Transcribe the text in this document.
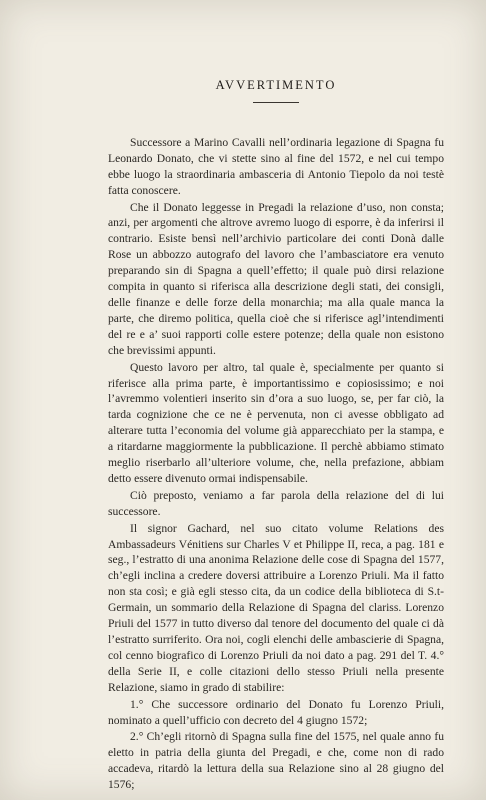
AVVERTIMENTO

Successore a Marino Cavalli nell’ordinaria legazione di Spagna fu Leonardo Donato, che vi stette sino al fine del 1572, e nel cui tempo ebbe luogo la straordinaria ambasceria di Antonio Tiepolo da noi testè fatta conoscere.

Che il Donato leggesse in Pregadi la relazione d’uso, non consta; anzi, per argomenti che altrove avremo luogo di esporre, è da inferirsi il contrario. Esiste bensì nell’archivio particolare dei conti Donà dalle Rose un abbozzo autografo del lavoro che l’ambasciatore era venuto preparando sin di Spagna a quell’effetto; il quale può dirsi relazione compita in quanto si riferisca alla descrizione degli stati, dei consigli, delle finanze e delle forze della monarchia; ma alla quale manca la parte, che diremo politica, quella cioè che si riferisce agl’intendimenti del re e a’ suoi rapporti colle estere potenze; della quale non esistono che brevissimi appunti.

Questo lavoro per altro, tal quale è, specialmente per quanto si riferisce alla prima parte, è importantissimo e copiosissimo; e noi l’avremmo volentieri inserito sin d’ora a suo luogo, se, per far ciò, la tarda cognizione che ce ne è pervenuta, non ci avesse obbligato ad alterare tutta l’economia del volume già apparecchiato per la stampa, e a ritardarne maggiormente la pubblicazione. Il perchè abbiamo stimato meglio riserbarlo all’ulteriore volume, che, nella prefazione, abbiam detto essere divenuto ormai indispensabile.

Ciò preposto, veniamo a far parola della relazione del di lui successore.

Il signor Gachard, nel suo citato volume Relations des Ambassadeurs Vénitiens sur Charles V et Philippe II, reca, a pag. 181 e seg., l’estratto di una anonima Relazione delle cose di Spagna del 1577, ch’egli inclina a credere doversi attribuire a Lorenzo Priuli. Ma il fatto non sta così; e già egli stesso cita, da un codice della biblioteca di S.t-Germain, un sommario della Relazione di Spagna del clariss. Lorenzo Priuli del 1577 in tutto diverso dal tenore del documento del quale ci dà l’estratto surriferito. Ora noi, cogli elenchi delle ambascierie di Spagna, col cenno biografico di Lorenzo Priuli da noi dato a pag. 291 del T. 4.° della Serie II, e colle citazioni dello stesso Priuli nella presente Relazione, siamo in grado di stabilire:

1.° Che successore ordinario del Donato fu Lorenzo Priuli, nominato a quell’ufficio con decreto del 4 giugno 1572;

2.° Ch’egli ritornò di Spagna sulla fine del 1575, nel quale anno fu eletto in patria della giunta del Pregadi, e che, come non di rado accadeva, ritardò la lettura della sua Relazione sino al 28 giugno del 1576;
